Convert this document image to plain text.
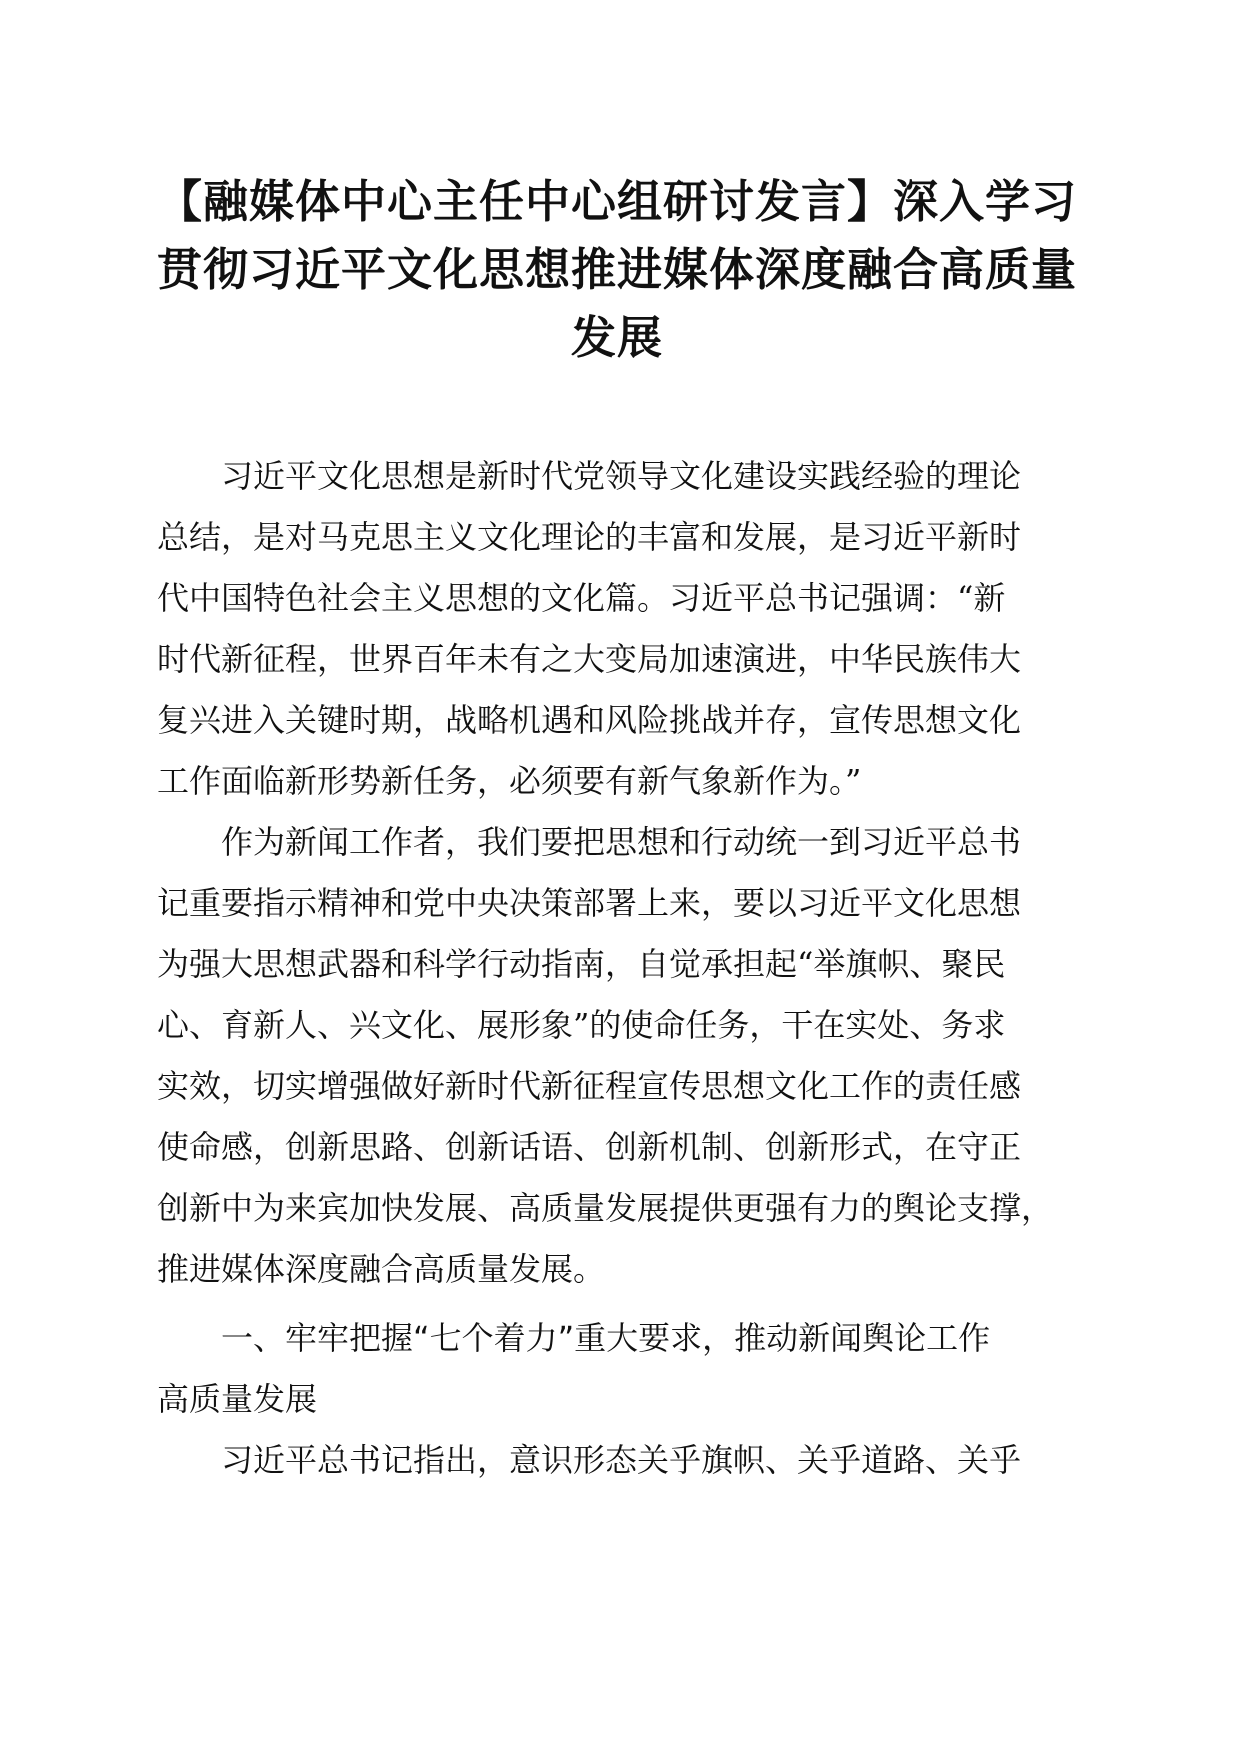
【融媒体中心主任中心组研讨发言】深入学习
贯彻习近平文化思想推进媒体深度融合高质量
发展
习近平文化思想是新时代党领导文化建设实践经验的理论
总结，是对马克思主义文化理论的丰富和发展，是习近平新时
代中国特色社会主义思想的文化篇。习近平总书记强调：“新
时代新征程，世界百年未有之大变局加速演进，中华民族伟大
复兴进入关键时期，战略机遇和风险挑战并存，宣传思想文化
工作面临新形势新任务，必须要有新气象新作为。”
作为新闻工作者，我们要把思想和行动统一到习近平总书
记重要指示精神和党中央决策部署上来，要以习近平文化思想
为强大思想武器和科学行动指南，自觉承担起“举旗帜、聚民
心、育新人、兴文化、展形象”的使命任务，干在实处、务求
实效，切实增强做好新时代新征程宣传思想文化工作的责任感
使命感，创新思路、创新话语、创新机制、创新形式，在守正
创新中为来宾加快发展、高质量发展提供更强有力的舆论支撑，
推进媒体深度融合高质量发展。
一、牢牢把握“七个着力”重大要求，推动新闻舆论工作
高质量发展
习近平总书记指出，意识形态关乎旗帜、关乎道路、关乎
